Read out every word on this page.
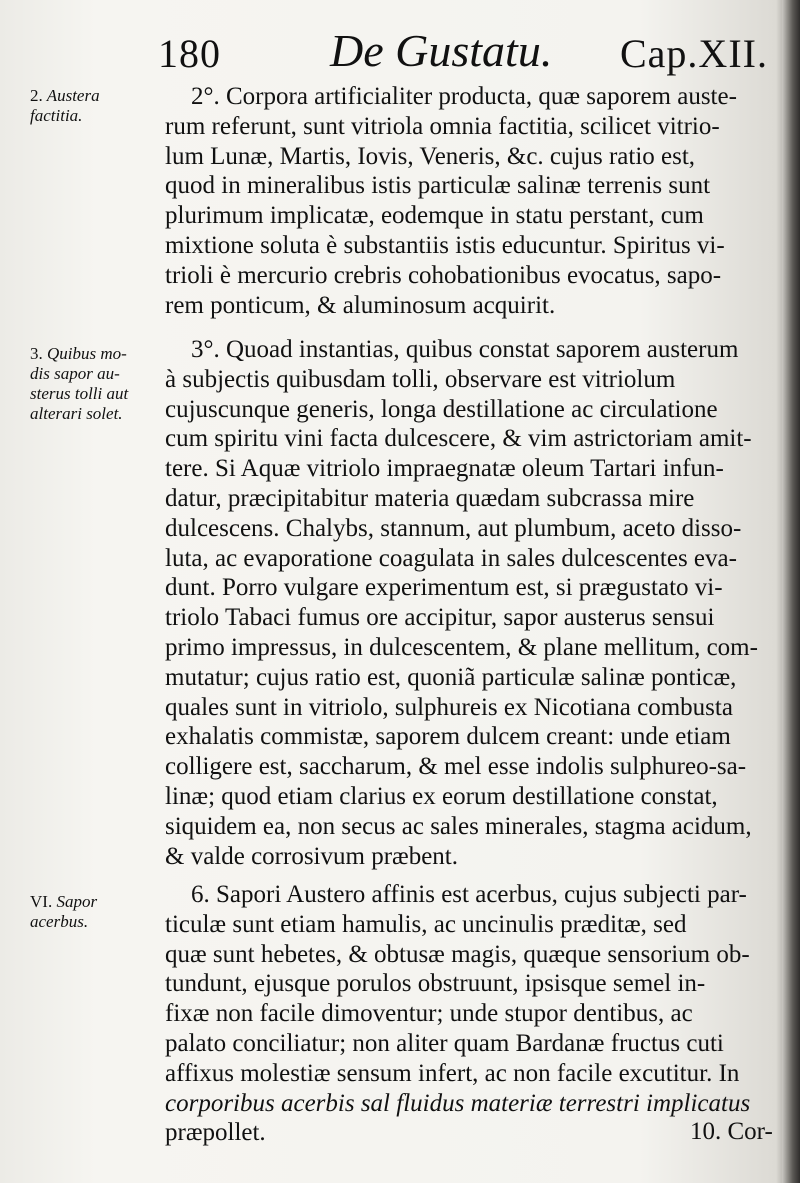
180 De Gustatu. Cap.XII.
2. Austera
factitia.
3. Quibus mo-
dis sapor au-
sterus tolli aut
alterari solet.
VI. Sapor
acerbus.
2°. Corpora artificialiter producta, quæ saporem auste-
rum referunt, sunt vitriola omnia factitia, scilicet vitrio-
lum Lunæ, Martis, Iovis, Veneris, &c. cujus ratio est,
quod in mineralibus istis particulæ salinæ terrenis sunt
plurimum implicatæ, eodemque in statu perstant, cum
mixtione soluta è substantiis istis educuntur. Spiritus vi-
trioli è mercurio crebris cohobationibus evocatus, sapo-
rem ponticum, & aluminosum acquirit.
3°. Quoad instantias, quibus constat saporem austerum
à subjectis quibusdam tolli, observare est vitriolum
cujuscunque generis, longa destillatione ac circulatione
cum spiritu vini facta dulcescere, & vim astrictoriam amit-
tere. Si Aquæ vitriolo impraegnatæ oleum Tartari infun-
datur, præcipitabitur materia quædam subcrassa mire
dulcescens. Chalybs, stannum, aut plumbum, aceto disso-
luta, ac evaporatione coagulata in sales dulcescentes eva-
dunt. Porro vulgare experimentum est, si prægustato vi-
triolo Tabaci fumus ore accipitur, sapor austerus sensui
primo impressus, in dulcescentem, & plane mellitum, com-
mutatur; cujus ratio est, quoniã particulæ salinæ ponticæ,
quales sunt in vitriolo, sulphureis ex Nicotiana combusta
exhalatis commistæ, saporem dulcem creant: unde etiam
colligere est, saccharum, & mel esse indolis sulphureo-sa-
linæ; quod etiam clarius ex eorum destillatione constat,
siquidem ea, non secus ac sales minerales, stagma acidum,
& valde corrosivum præbent.
6. Sapori Austero affinis est acerbus, cujus subjecti par-
ticulæ sunt etiam hamulis, ac uncinulis præditæ, sed
quæ sunt hebetes, & obtusæ magis, quæque sensorium ob-
tundunt, ejusque porulos obstruunt, ipsisque semel in-
fixæ non facile dimoventur; unde stupor dentibus, ac
palato conciliatur; non aliter quam Bardanæ fructus cuti
affixus molestiæ sensum infert, ac non facile excutitur. In
corporibus acerbis sal fluidus materiæ terrestri implicatus
præpollet.	10. Cor-
